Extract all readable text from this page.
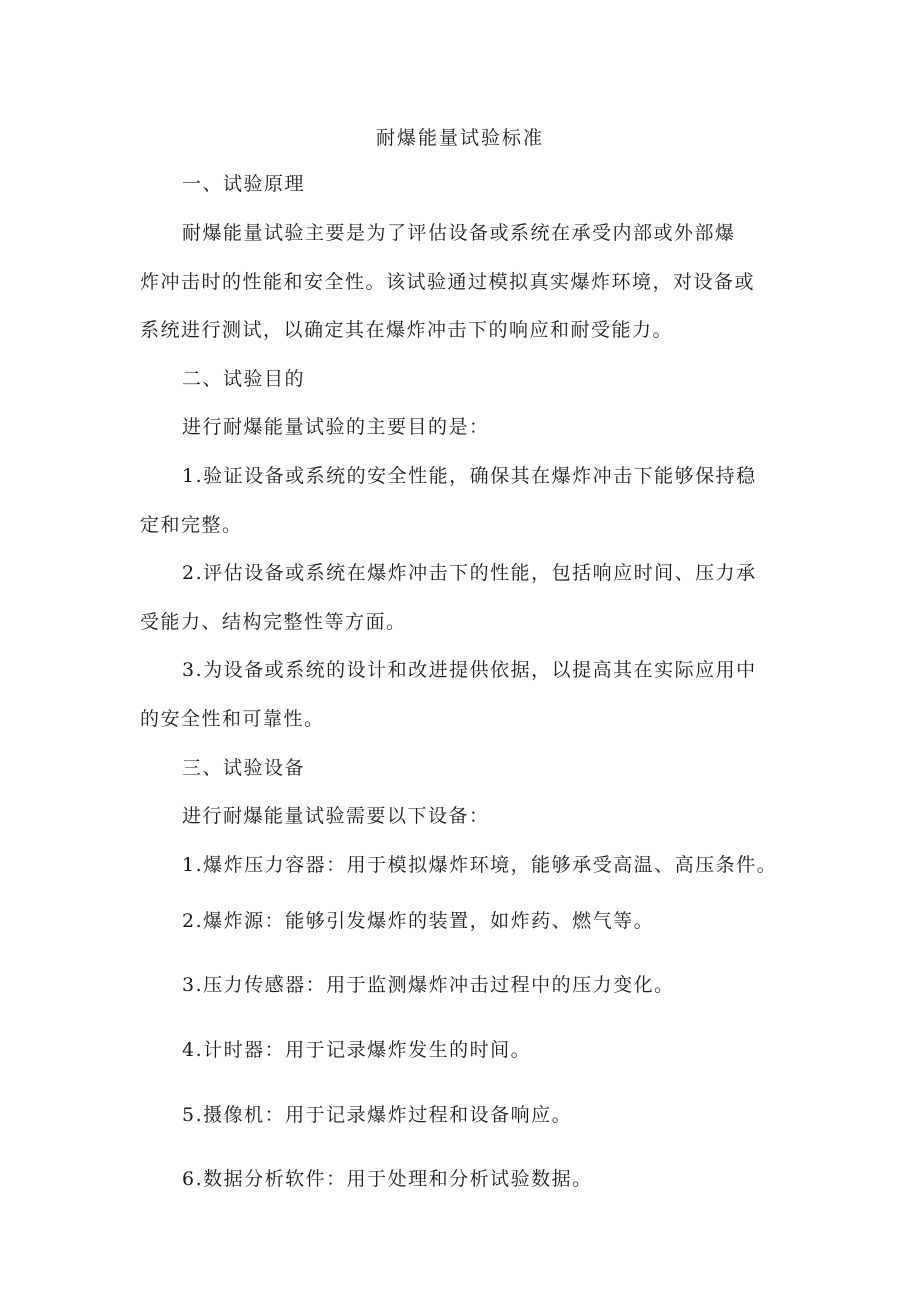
耐爆能量试验标准
一、试验原理
耐爆能量试验主要是为了评估设备或系统在承受内部或外部爆
炸冲击时的性能和安全性。该试验通过模拟真实爆炸环境，对设备或
系统进行测试，以确定其在爆炸冲击下的响应和耐受能力。
二、试验目的
进行耐爆能量试验的主要目的是：
1.验证设备或系统的安全性能，确保其在爆炸冲击下能够保持稳
定和完整。
2.评估设备或系统在爆炸冲击下的性能，包括响应时间、压力承
受能力、结构完整性等方面。
3.为设备或系统的设计和改进提供依据，以提高其在实际应用中
的安全性和可靠性。
三、试验设备
进行耐爆能量试验需要以下设备：
1.爆炸压力容器：用于模拟爆炸环境，能够承受高温、高压条件。
2.爆炸源：能够引发爆炸的装置，如炸药、燃气等。
3.压力传感器：用于监测爆炸冲击过程中的压力变化。
4.计时器：用于记录爆炸发生的时间。
5.摄像机：用于记录爆炸过程和设备响应。
6.数据分析软件：用于处理和分析试验数据。
